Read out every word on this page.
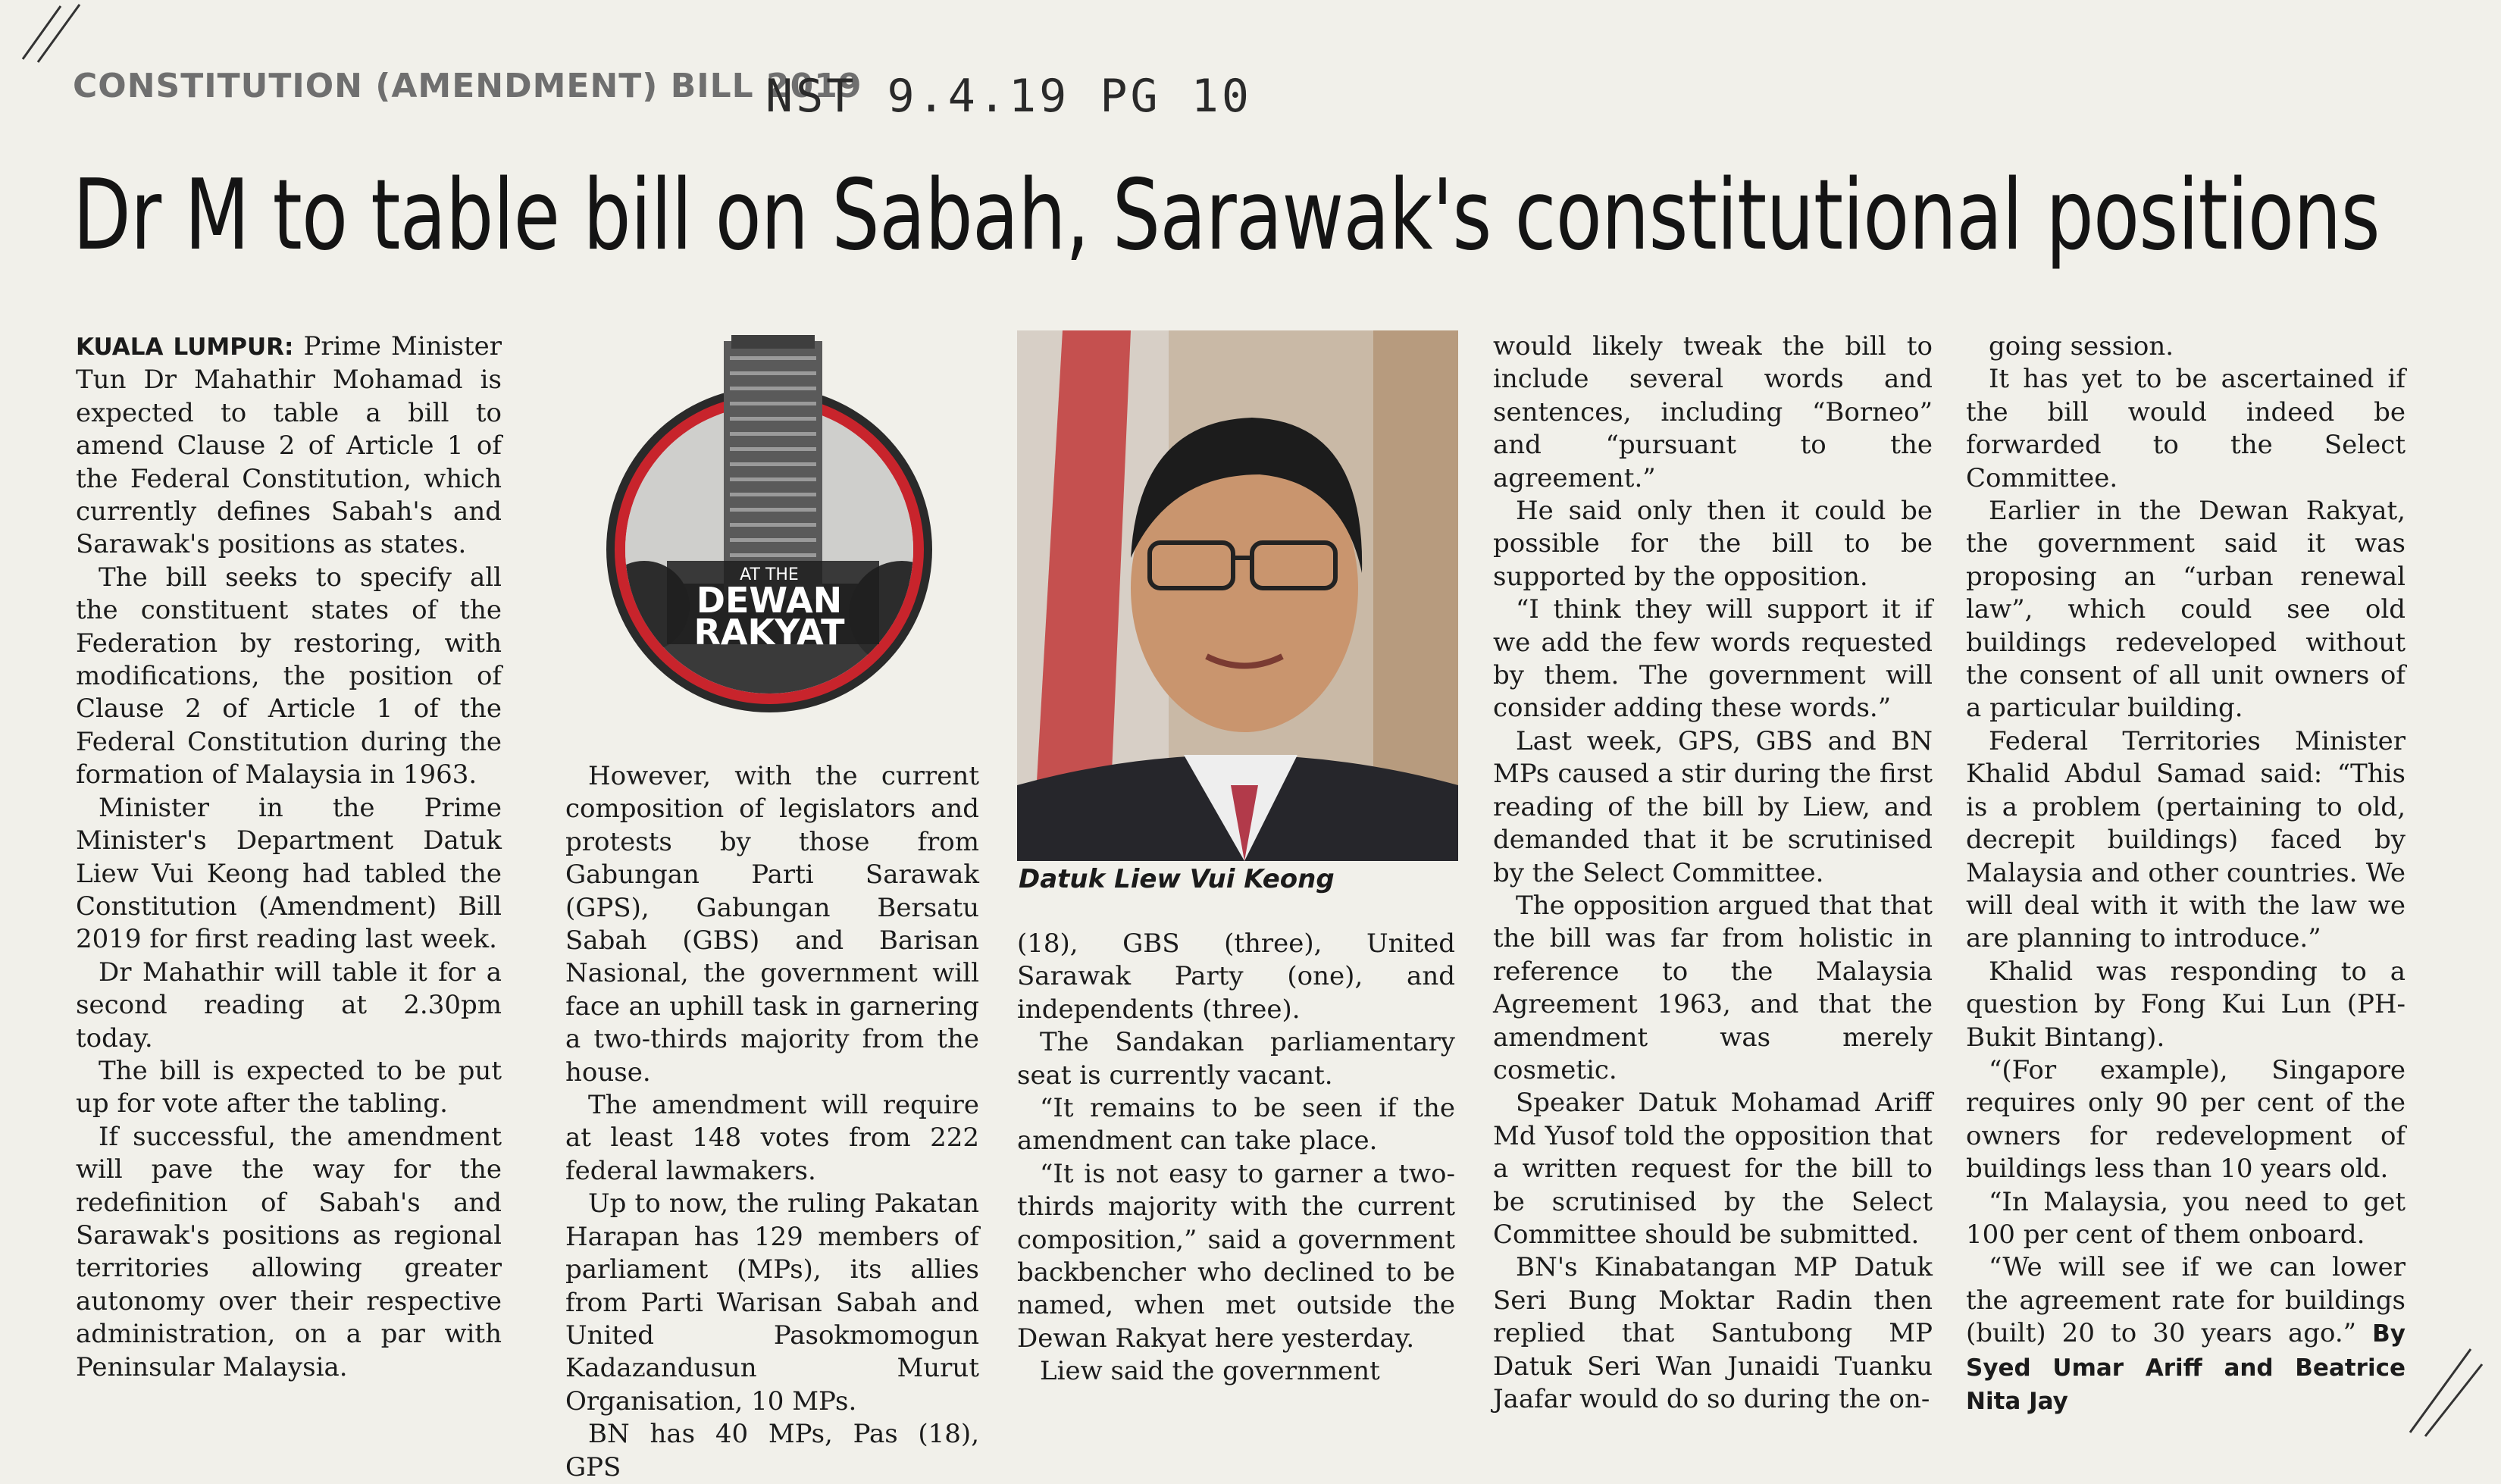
CONSTITUTION (AMENDMENT) BILL 2019
NST 9.4.19 PG 10
Dr M to table bill on Sabah, Sarawak's constitutional positions

KUALA LUMPUR: Prime Minister Tun Dr Mahathir Mohamad is expected to table a bill to amend Clause 2 of Article 1 of the Federal Constitution, which currently defines Sabah's and Sarawak's positions as states.

The bill seeks to specify all the constituent states of the Federation by restoring, with modifications, the position of Clause 2 of Article 1 of the Federal Constitution during the formation of Malaysia in 1963.

Minister in the Prime Minister's Department Datuk Liew Vui Keong had tabled the Constitution (Amendment) Bill 2019 for first reading last week.

Dr Mahathir will table it for a second reading at 2.30pm today.

The bill is expected to be put up for vote after the tabling.

If successful, the amendment will pave the way for the redefinition of Sabah's and Sarawak's positions as regional territories allowing greater autonomy over their respective administration, on a par with Peninsular Malaysia.

AT THE
DEWAN
RAKYAT

However, with the current composition of legislators and protests by those from Gabungan Parti Sarawak (GPS), Gabungan Bersatu Sabah (GBS) and Barisan Nasional, the government will face an uphill task in garnering a two-thirds majority from the house.

The amendment will require at least 148 votes from 222 federal lawmakers.

Up to now, the ruling Pakatan Harapan has 129 members of parliament (MPs), its allies from Parti Warisan Sabah and United Pasokmomogun Kadazandusun Murut Organisation, 10 MPs.

BN has 40 MPs, Pas (18), GPS

Datuk Liew Vui Keong

(18), GBS (three), United Sarawak Party (one), and independents (three).

The Sandakan parliamentary seat is currently vacant.

“It remains to be seen if the amendment can take place.

“It is not easy to garner a two-thirds majority with the current composition,” said a government backbencher who declined to be named, when met outside the Dewan Rakyat here yesterday.

Liew said the government

would likely tweak the bill to include several words and sentences, including “Borneo” and “pursuant to the agreement.”

He said only then it could be possible for the bill to be supported by the opposition.

“I think they will support it if we add the few words requested by them. The government will consider adding these words.”

Last week, GPS, GBS and BN MPs caused a stir during the first reading of the bill by Liew, and demanded that it be scrutinised by the Select Committee.

The opposition argued that that the bill was far from holistic in reference to the Malaysia Agreement 1963, and that the amendment was merely cosmetic.

Speaker Datuk Mohamad Ariff Md Yusof told the opposition that a written request for the bill to be scrutinised by the Select Committee should be submitted.

BN's Kinabatangan MP Datuk Seri Bung Moktar Radin then replied that Santubong MP Datuk Seri Wan Junaidi Tuanku Jaafar would do so during the on-

going session.

It has yet to be ascertained if the bill would indeed be forwarded to the Select Committee.

Earlier in the Dewan Rakyat, the government said it was proposing an “urban renewal law”, which could see old buildings redeveloped without the consent of all unit owners of a particular building.

Federal Territories Minister Khalid Abdul Samad said: “This is a problem (pertaining to old, decrepit buildings) faced by Malaysia and other countries. We will deal with it with the law we are planning to introduce.”

Khalid was responding to a question by Fong Kui Lun (PH-Bukit Bintang).

“(For example), Singapore requires only 90 per cent of the owners for redevelopment of buildings less than 10 years old.

“In Malaysia, you need to get 100 per cent of them onboard.

“We will see if we can lower the agreement rate for buildings (built) 20 to 30 years ago.” By Syed Umar Ariff and Beatrice Nita Jay
